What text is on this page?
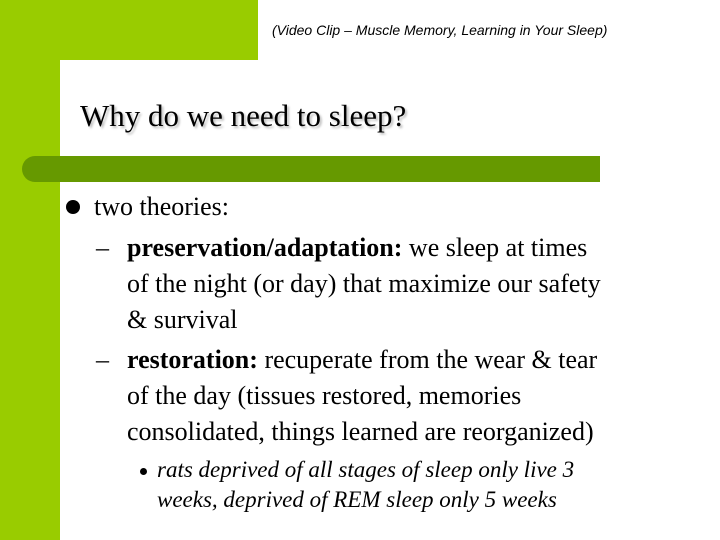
(Video Clip – Muscle Memory, Learning in Your Sleep)
Why do we need to sleep?
two theories:
– preservation/adaptation: we sleep at times
of the night (or day) that maximize our safety
& survival
– restoration: recuperate from the wear & tear
of the day (tissues restored, memories
consolidated, things learned are reorganized)
rats deprived of all stages of sleep only live 3
weeks, deprived of REM sleep only 5 weeks
